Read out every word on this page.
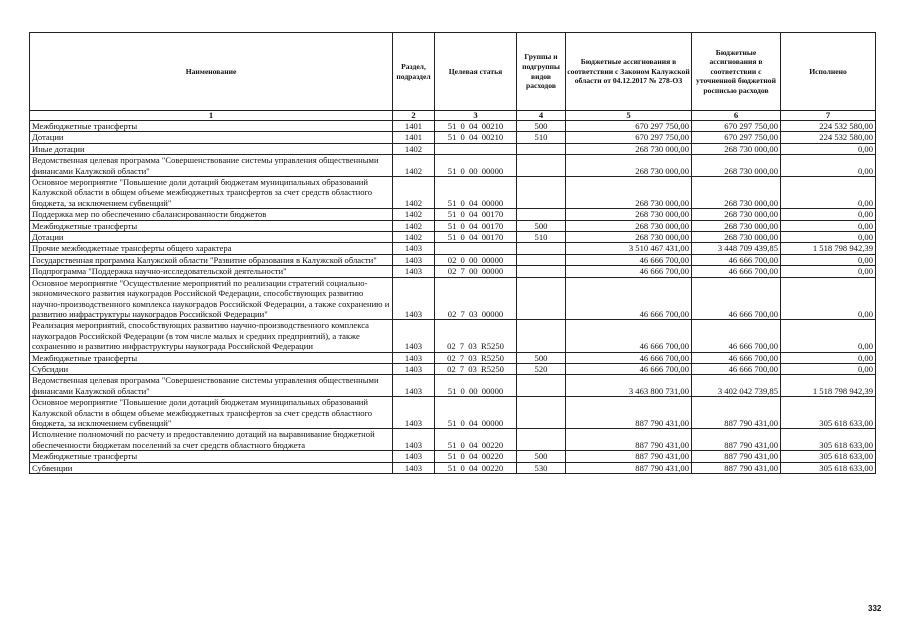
Наименование	Раздел, подраздел	Целевая статья	Группы и подгруппы видов расходов	Бюджетные ассигнования в соответствии с Законом Калужской области от 04.12.2017 № 278-ОЗ	Бюджетные ассигнования в соответствии с уточненной бюджетной росписью расходов	Исполнено
1	2	3	4	5	6	7
Межбюджетные трансферты	1401	51 0 04 00210	500	670 297 750,00	670 297 750,00	224 532 580,00
Дотации	1401	51 0 04 00210	510	670 297 750,00	670 297 750,00	224 532 580,00
Иные дотации	1402			268 730 000,00	268 730 000,00	0,00
Ведомственная целевая программа "Совершенствование системы управления общественными финансами Калужской области"	1402	51 0 00 00000		268 730 000,00	268 730 000,00	0,00
Основное мероприятие "Повышение доли дотаций бюджетам муниципальных образований Калужской области в общем объеме межбюджетных трансфертов за счет средств областного бюджета, за исключением субвенций"	1402	51 0 04 00000		268 730 000,00	268 730 000,00	0,00
Поддержка мер по обеспечению сбалансированности бюджетов	1402	51 0 04 00170		268 730 000,00	268 730 000,00	0,00
Межбюджетные трансферты	1402	51 0 04 00170	500	268 730 000,00	268 730 000,00	0,00
Дотации	1402	51 0 04 00170	510	268 730 000,00	268 730 000,00	0,00
Прочие межбюджетные трансферты общего характера	1403			3 510 467 431,00	3 448 709 439,85	1 518 798 942,39
Государственная программа Калужской области "Развитие образования в Калужской области"	1403	02 0 00 00000		46 666 700,00	46 666 700,00	0,00
Подпрограмма "Поддержка научно-исследовательской деятельности"	1403	02 7 00 00000		46 666 700,00	46 666 700,00	0,00
Основное мероприятие "Осуществление мероприятий по реализации стратегий социально-экономического развития наукоградов Российской Федерации, способствующих развитию научно-производственного комплекса наукоградов Российской Федерации, а также сохранению и развитию инфраструктуры наукоградов Российской Федерации"	1403	02 7 03 00000		46 666 700,00	46 666 700,00	0,00
Реализация мероприятий, способствующих развитию научно-производственного комплекса наукоградов Российской Федерации (в том числе малых и средних предприятий), а также сохранению и развитию инфраструктуры наукограда Российской Федерации	1403	02 7 03 R5250		46 666 700,00	46 666 700,00	0,00
Межбюджетные трансферты	1403	02 7 03 R5250	500	46 666 700,00	46 666 700,00	0,00
Субсидии	1403	02 7 03 R5250	520	46 666 700,00	46 666 700,00	0,00
Ведомственная целевая программа "Совершенствование системы управления общественными финансами Калужской области"	1403	51 0 00 00000		3 463 800 731,00	3 402 042 739,85	1 518 798 942,39
Основное мероприятие "Повышение доли дотаций бюджетам муниципальных образований Калужской области в общем объеме межбюджетных трансфертов за счет средств областного бюджета, за исключением субвенций"	1403	51 0 04 00000		887 790 431,00	887 790 431,00	305 618 633,00
Исполнение полномочий по расчету и предоставлению дотаций на выравнивание бюджетной обеспеченности бюджетам поселений за счет средств областного бюджета	1403	51 0 04 00220		887 790 431,00	887 790 431,00	305 618 633,00
Межбюджетные трансферты	1403	51 0 04 00220	500	887 790 431,00	887 790 431,00	305 618 633,00
Субвенции	1403	51 0 04 00220	530	887 790 431,00	887 790 431,00	305 618 633,00
332
